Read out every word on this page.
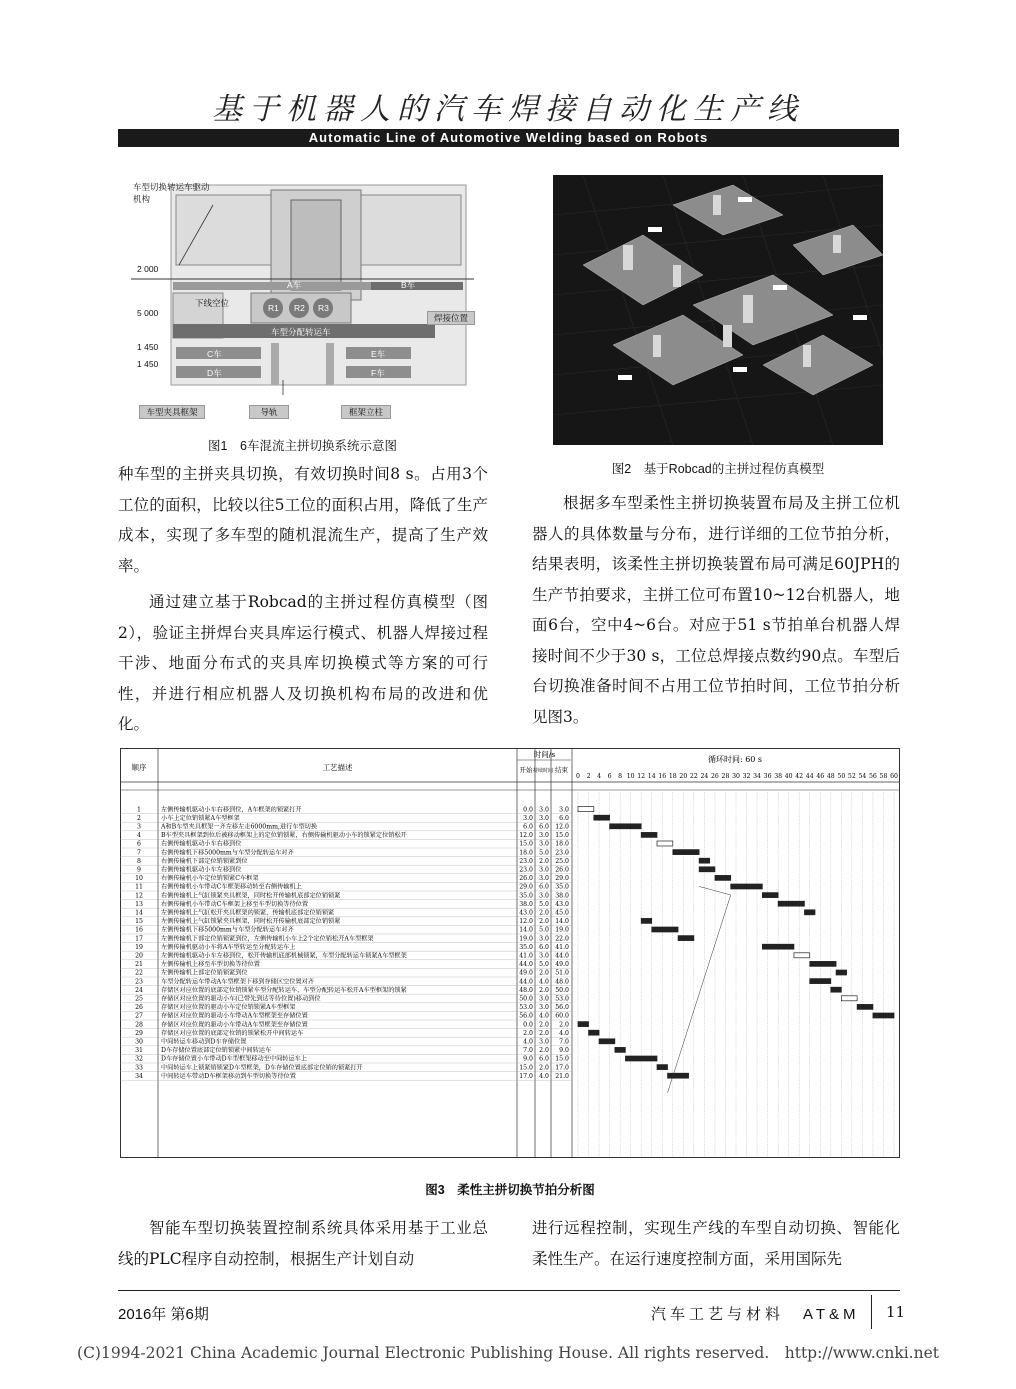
基于机器人的汽车焊接自动化生产线
Automatic Line of Automotive Welding based on Robots
车型切换转运车驱动机构
2 000
5 000
1 450
1 450
A车	B车
C车
D车
E车
F车
下线空位	R1 R2 R3
车型分配转运车
焊接位置
车型夹具框架	导轨	框架立柱
图1　6车混流主拼切换系统示意图
图2　基于Robcad的主拼过程仿真模型

种车型的主拼夹具切换，有效切换时间8 s。占用3个工位的面积，比较以往5工位的面积占用，降低了生产成本，实现了多车型的随机混流生产，提高了生产效率。

通过建立基于Robcad的主拼过程仿真模型（图2），验证主拼焊台夹具库运行模式、机器人焊接过程干涉、地面分布式的夹具库切换模式等方案的可行性，并进行相应机器人及切换机构布局的改进和优化。

根据多车型柔性主拼切换装置布局及主拼工位机器人的具体数量与分布，进行详细的工位节拍分析，结果表明，该柔性主拼切换装置布局可满足60JPH的生产节拍要求，主拼工位可布置10~12台机器人，地面6台，空中4~6台。对应于51 s节拍单台机器人焊接时间不少于30 s，工位总焊接点数约90点。车型后台切换准备时间不占用工位节拍时间，工位节拍分析见图3。

顺序	工艺描述
时间/s
开始 持续时间 结束
循环时间: 60 s
0 2 4 6 8 10 12 14 16 18 20 22 24 26 28 30 32 34 36 38 40 42 44 46 48 50 52 54 56 58 60
1	左侧传输机驱动小车右移到位，A车框架的锁紧打开	0.0 3.0 3.0
2	小车上定位销锁紧A车型框架	3.0 3.0 6.0
3	A和B车型夹具框架一齐左移左走6000mm,进行车型切换	6.0 6.0 12.0
4	B车型夹具框架到位后被移动框架上的定位销锁紧，右侧传输机驱动小车的锁紧定位销松开	12.0 3.0 15.0
6	右侧传输机驱动小车右移到位	15.0 3.0 18.0
7	右侧传输机下移5000mm与车型分配转运车对齐	18.0 5.0 23.0
8	右侧传输机下部定位销锁紧到位	23.0 2.0 25.0
9	右侧传输机驱动小车左移到位	23.0 3.0 26.0
10	右侧传输机小车定位销锁紧C车框架	26.0 3.0 29.0
11	右侧传输机小车带动C车框架移动转至右侧传输机上	29.0 6.0 35.0
12	右侧传输机上气缸锁紧夹具框架，同时松开传输机底部定位销锁紧	35.0 3.0 38.0
13	右侧传输机小车带动C车框架上移至车型切换等待位置	38.0 5.0 43.0
14	左侧传输机上气缸松开夹具框架的锁紧，传输机底部定位销锁紧	43.0 2.0 45.0
15	左侧传输机上气缸锁紧夹具框架，同时松开传输机底部定位销锁紧	12.0 2.0 14.0
16	左侧传输机下移5000mm与车型分配转运车对齐	14.0 5.0 19.0
17	左侧传输机下部定位销锁紧到位，左侧传输机小车上2个定位销松开A车型框架	19.0 3.0 22.0
19	左侧传输机驱动小车将A车型转运至分配转运车上	35.0 6.0 41.0
20	左侧传输机驱动小车左移到位，松开传输机底部机械锁紧，车型分配转运车锁紧A车型框架	41.0 3.0 44.0
21	左侧传输机上移至车型切换等待位置	44.0 5.0 49.0
22	左侧传输机上部定位销锁紧到位	49.0 2.0 51.0
23	车型分配转运车带动A车型框架下移到存储区空位置对齐	44.0 4.0 48.0
24	存储区对应位置的底部定位销锁紧车型分配转运车，车型分配转运车松开A车型框架的锁紧	48.0 2.0 50.0
25	存储区对应位置的驱动小车(已带先到达等待位置)移动到位	50.0 3.0 53.0
26	存储区对应位置的驱动小车定位销锁紧A车型框架	53.0 3.0 56.0
27	存储区对应位置的驱动小车带动A车型框架至存储位置	56.0 4.0 60.0
28	存储区对应位置的驱动小车带动A车型框架至存储位置	0.0 2.0 2.0
29	存储区对应位置的底部定位销的锁紧松开中间转运车	2.0 2.0 4.0
30	中间转运车移动到D车存储位置	4.0 3.0 7.0
31	D车存储位置底部定位销锁紧中间转运车	7.0 2.0 9.0
32	D车存储位置小车带动D车型框架移动至中间转运车上	9.0 6.0 15.0
33	中间转运车上锁紧销锁紧D车型框架，D车存储位置底部定位销的锁紧打开	15.0 2.0 17.0
34	中间转运车带动D车框架移动到车型切换等待位置	17.0 4.0 21.0
图3　柔性主拼切换节拍分析图

智能车型切换装置控制系统具体采用基于工业总线的PLC程序自动控制，根据生产计划自动

进行远程控制，实现生产线的车型自动切换、智能化柔性生产。在运行速度控制方面，采用国际先

2016年 第6期	汽车工艺与材料　AT&M 11
(C)1994-2021 China Academic Journal Electronic Publishing House. All rights reserved.　http://www.cnki.net
